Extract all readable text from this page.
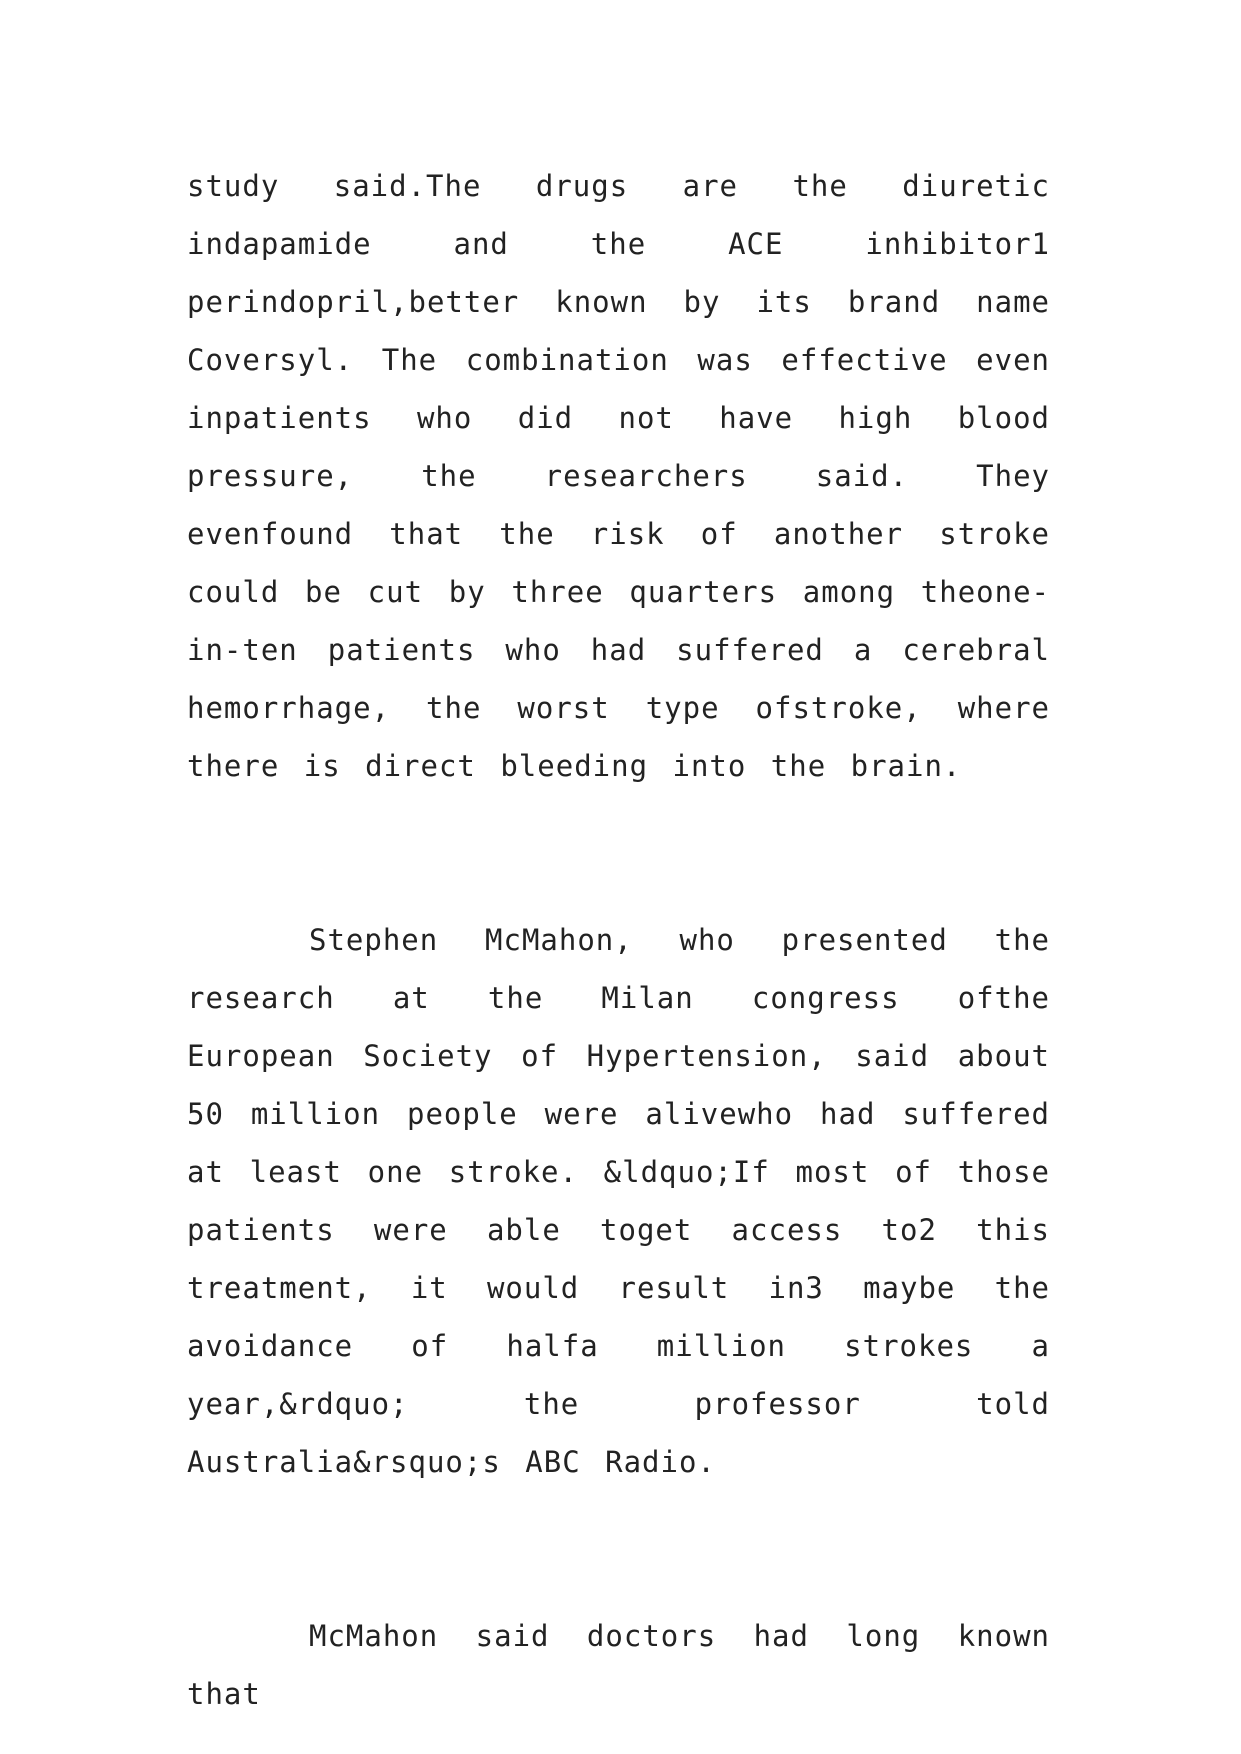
study said.The drugs are the diuretic indapamide and the ACE inhibitor1 perindopril,better known by its brand name Coversyl. The combination was effective even inpatients who did not have high blood pressure, the researchers said. They evenfound that the risk of another stroke could be cut by three quarters among theone-in-ten patients who had suffered a cerebral hemorrhage, the worst type ofstroke, where there is direct bleeding into the brain.

Stephen McMahon, who presented the research at the Milan congress ofthe European Society of Hypertension, said about 50 million people were alivewho had suffered at least one stroke. &ldquo;If most of those patients were able toget access to2 this treatment, it would result in3 maybe the avoidance of halfa million strokes a year,&rdquo; the professor told Australia&rsquo;s ABC Radio.

McMahon said doctors had long known that
